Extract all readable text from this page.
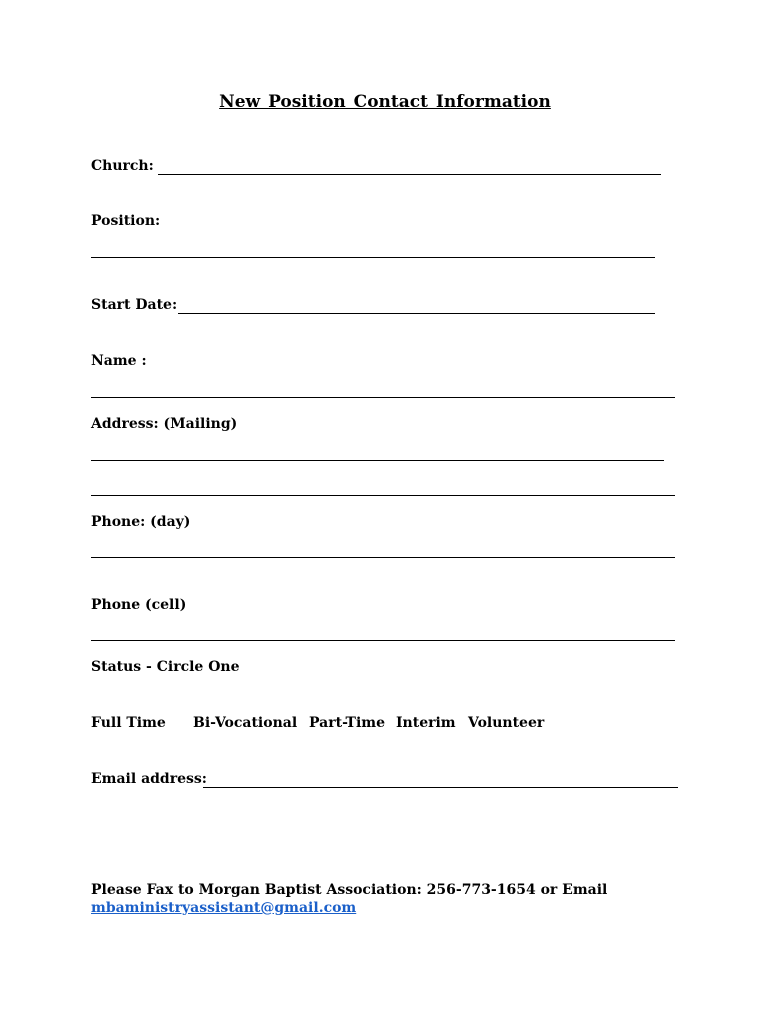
New Position Contact Information
Church:
Position:
Start Date:
Name :
Address: (Mailing)
Phone: (day)
Phone (cell)
Status - Circle One
Full Time Bi-Vocational Part-Time Interim Volunteer
Email address:
Please Fax to Morgan Baptist Association: 256-773-1654 or Email
mbaministryassistant@gmail.com
